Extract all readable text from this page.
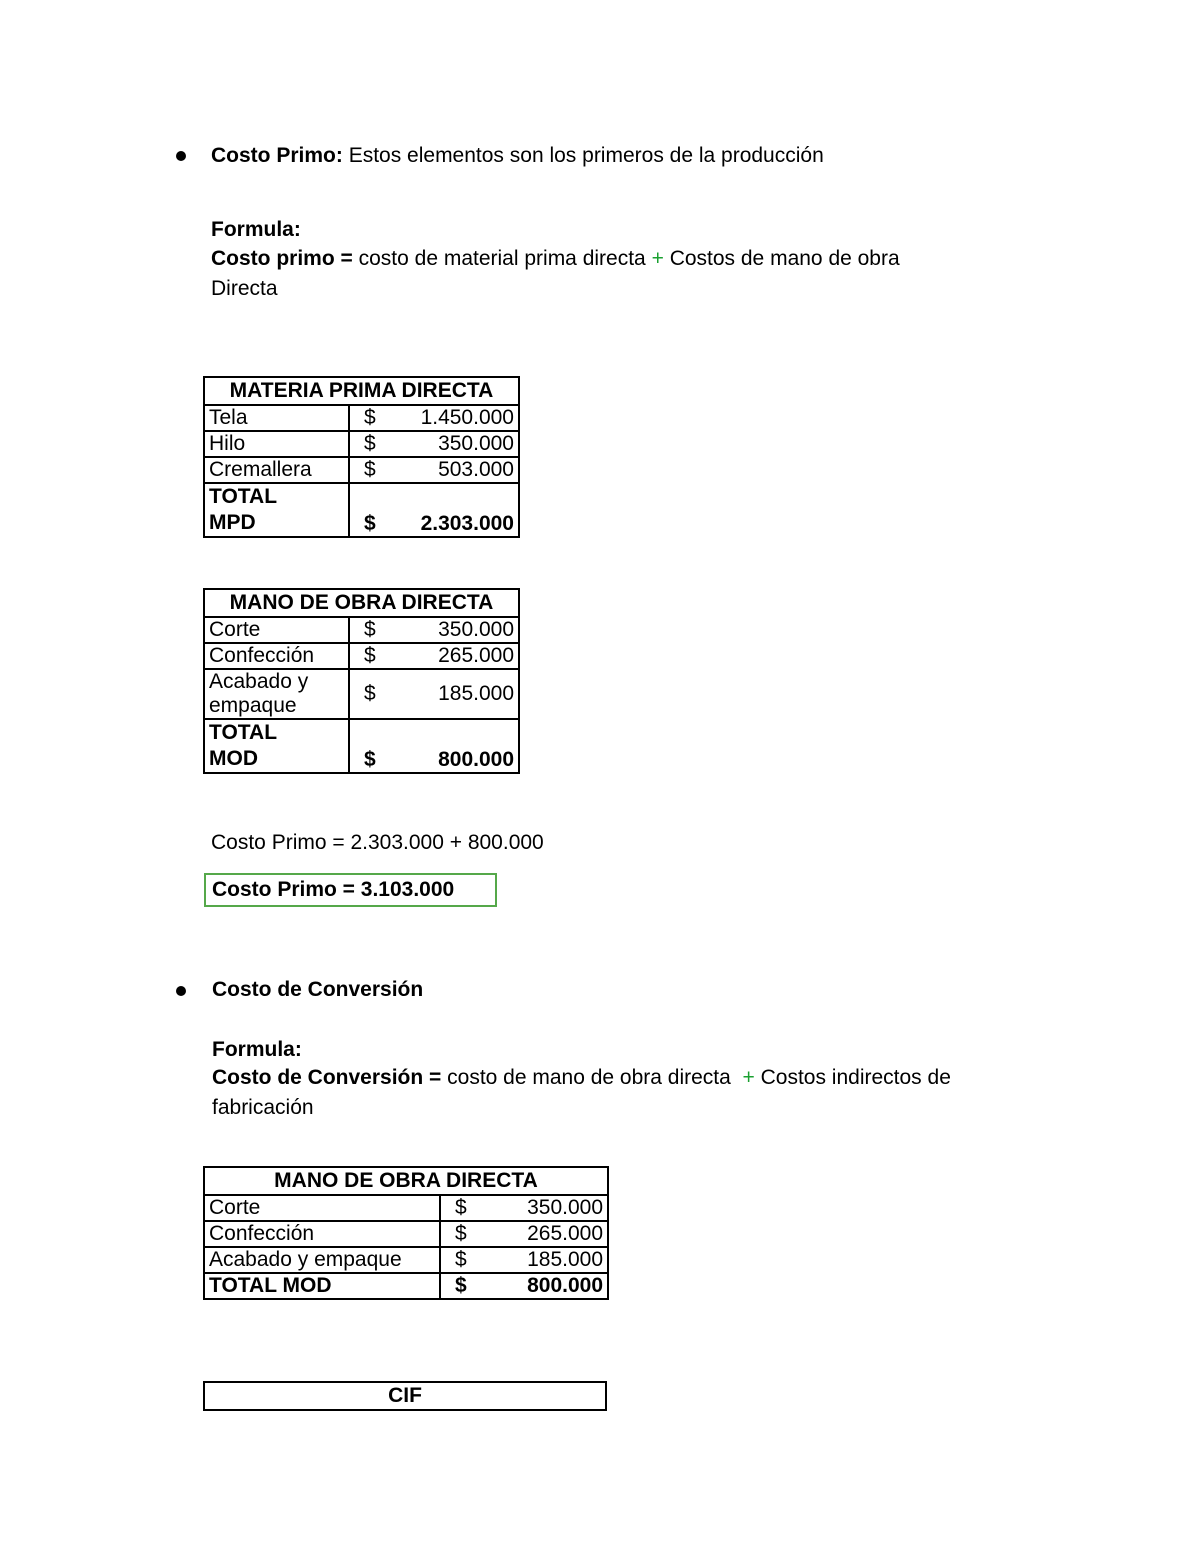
Costo Primo: Estos elementos son los primeros de la producción
Formula:
Costo primo = costo de material prima directa + Costos de mano de obra
Directa
MATERIA PRIMA DIRECTA	
Tela	$ 1.450.000
Hilo	$ 350.000
Cremallera	$ 503.000
TOTAL
MPD	$ 2.303.000
MANO DE OBRA DIRECTA	
Corte	$ 350.000
Confección	$ 265.000
Acabado y
empaque	$ 185.000
TOTAL
MOD	$ 800.000
Costo Primo = 2.303.000 + 800.000
Costo Primo = 3.103.000
Costo de Conversión
Formula:
Costo de Conversión = costo de mano de obra directa + Costos indirectos de
fabricación
MANO DE OBRA DIRECTA	
Corte	$ 350.000
Confección	$ 265.000
Acabado y empaque	$ 185.000
TOTAL MOD	$ 800.000
CIF
